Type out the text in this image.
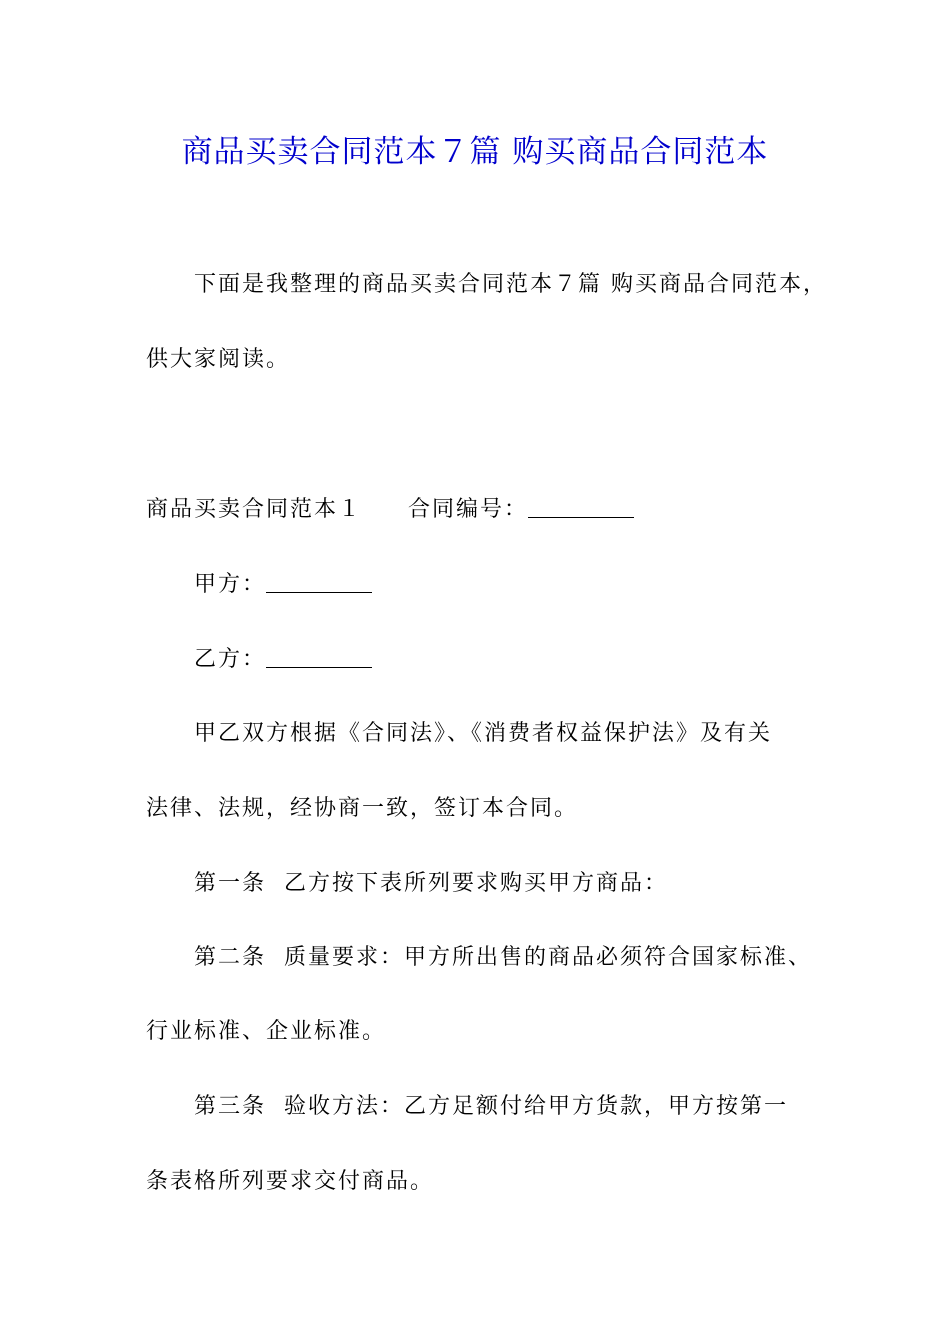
商品买卖合同范本７篇 购买商品合同范本
下面是我整理的商品买卖合同范本７篇 购买商品合同范本，
供大家阅读。
商品买卖合同范本１ 合同编号：
甲方：
乙方：
甲乙双方根据《合同法》、《消费者权益保护法》及有关
法律、法规，经协商一致，签订本合同。
第一条 乙方按下表所列要求购买甲方商品：
第二条 质量要求：甲方所出售的商品必须符合国家标准、
行业标准、企业标准。
第三条 验收方法：乙方足额付给甲方货款，甲方按第一
条表格所列要求交付商品。
